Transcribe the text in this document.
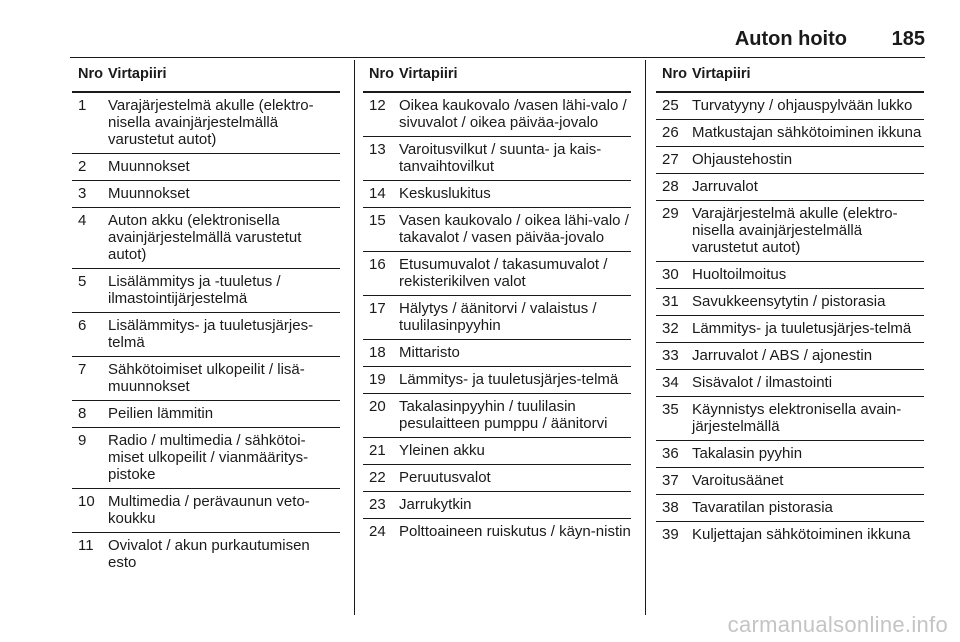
Auton hoito 185
Nro Virtapiiri
1 Varajärjestelmä akulle (elektro-nisella avainjärjestelmällä varustetut autot)
2 Muunnokset
3 Muunnokset
4 Auton akku (elektronisella avainjärjestelmällä varustetut autot)
5 Lisälämmitys ja -tuuletus / ilmastointijärjestelmä
6 Lisälämmitys- ja tuuletusjärjes-telmä
7 Sähkötoimiset ulkopeilit / lisä-muunnokset
8 Peilien lämmitin
9 Radio / multimedia / sähkötoi-miset ulkopeilit / vianmääritys-pistoke
10 Multimedia / perävaunun veto-koukku
11 Ovivalot / akun purkautumisen esto
Nro Virtapiiri
12 Oikea kaukovalo /vasen lähi-valo / sivuvalot / oikea päiväa-jovalo
13 Varoitusvilkut / suunta- ja kais-tanvaihtovilkut
14 Keskuslukitus
15 Vasen kaukovalo / oikea lähi-valo / takavalot / vasen päiväa-jovalo
16 Etusumuvalot / takasumuvalot / rekisterikilven valot
17 Hälytys / äänitorvi / valaistus / tuulilasinpyyhin
18 Mittaristo
19 Lämmitys- ja tuuletusjärjes-telmä
20 Takalasinpyyhin / tuulilasin pesulaitteen pumppu / äänitorvi
21 Yleinen akku
22 Peruutusvalot
23 Jarrukytkin
24 Polttoaineen ruiskutus / käyn-nistin
Nro Virtapiiri
25 Turvatyyny / ohjauspylvään lukko
26 Matkustajan sähkötoiminen ikkuna
27 Ohjaustehostin
28 Jarruvalot
29 Varajärjestelmä akulle (elektro-nisella avainjärjestelmällä varustetut autot)
30 Huoltoilmoitus
31 Savukkeensytytin / pistorasia
32 Lämmitys- ja tuuletusjärjes-telmä
33 Jarruvalot / ABS / ajonestin
34 Sisävalot / ilmastointi
35 Käynnistys elektronisella avain-järjestelmällä
36 Takalasin pyyhin
37 Varoitusäänet
38 Tavaratilan pistorasia
39 Kuljettajan sähkötoiminen ikkuna
carmanualsonline.info
